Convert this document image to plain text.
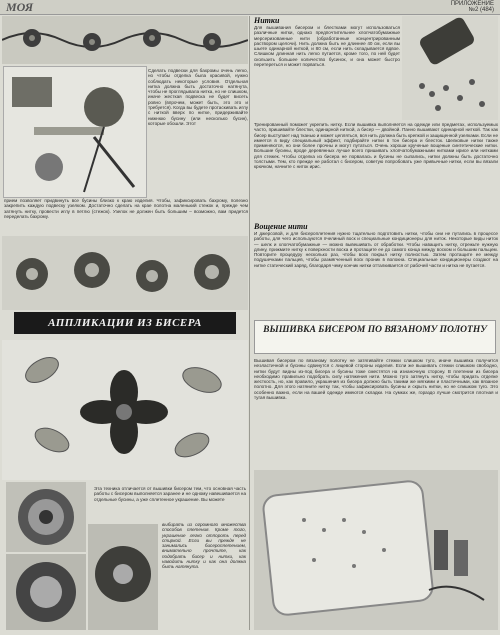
МОЯ	ПРИЛОЖЕНИЕ
№2 (484)

Сделать подвески для бахромы очень легко, но чтобы отделка была красивой, нужно соблюдать некоторые условия. Отдельная нитка должна быть достаточно натянута, чтобы не проглядывала нитка, но не слишком, иначе жесткая подвеска не будет висеть ровно (впрочем, может быть, это это и требуется). Когда вы будете протаскивать иглу с ниткой вверх по нитке, придерживайте нижнюю бусину (или несколько бусин), которые обошли. Этот

прием позволяет придвинуть все бусины близко к краю изделия. Чтобы, зафиксировать бахрому, полезно закрепить каждую подвеску узелком. Достаточно сделать на крае полотна маленький стежок и, прежде чем затянуть нитку, провести иглу в петлю (стежок). Узелок не должен быть большим – возможно, вам придется переделать бахрому.

АППЛИКАЦИИ ИЗ БИСЕРА

Эта техника отличается от вышивки бисером тем, что основная часть работы с бисером выполняется заранее и не одному навешивается на отдельные бусины, а уже сплетенное украшение. Вы можете

выбирать из огромного множества способов плетения. Кроме того, украшение легко отпороть перед стиркой. Если вы прежде не занимались бисероплетением, внимательно прочтите, как подобрать бисер и нитки, как наводить нитку и как она должна быть натянута.

Нитки

Для вышивания бисером и блестками могут использоваться различные нитки, однако предпочтительнее хлопчатобумажные мерсеризованные нити (обработанные концентрированным раствором щелочи). Нить должна быть не длиннее 40 см, если вы шьете одинарной ниткой, и 80 см, если нить складывается вдвое. Слишком длинная нить легко путается, кроме того, по ней будет скользить большее количество бусинок, и она может быстро перетереться и может порваться.

Тренированный поможет укрепить нитку. Если вышивка выполняется на одежде или предметах, используемых часто, пришивайте блестки, одинарной ниткой, а бисер — двойной. Панно вышивают одинарной ниткой. Так как бисер выступает над тканью и может цепляться, вся нить должна быть крепкой и защищенной узелками. Если не имеется в виду специальный эффект, подбирайте нитки в тон бисера и блесток. Шелковые нитки также применяются, но они более прочны и могут путаться. Очень хороши крученые вощеные синтетические нитки. Большие бусины, вроде деревянных лучше всего пришивать хлопчатобумажными нитками ирисе или нитками для стежек. Чтобы отделка из бисера не порвалась и бусины не сыпались, нитки должны быть достаточно толстыми. Тем, кто прежде не работал с бисером, советую попробовать уже привычные нитки, если вы вязали крючком, начните с ниток ирис.

Вощение нити

И джерсовой, и для бисероплетения нужно тщательно подготовить нитки, чтобы они не путались в процессе работы, для чего используются пчелиный воск и специальные кондиционеры для ниток. Некоторые виды ниток — шелк и хлопчатобумажные — можно вывешивать от обработки. Чтобы наващить нитку, отрежьте нужную длину, прижмите нитку к поверхности воска и протащите ее до самого конца между воском и большим пальцем. Повторите процедуру несколько раз, чтобы воск покрыл нитку полностью. Затем протащите ее между подушечками пальцев, чтобы размягченный воск проник в волокна. Специальные кондиционеры создают на нитке статический заряд, благодаря чему кончик нитки отталкивается от рабочей части и нитка не путается.

ВЫШИВКА БИСЕРОМ ПО ВЯЗАНОМУ ПОЛОТНУ

Вышивая бисером по вязаному полотну не затягивайте стежки слишком туго, иначе вышивка получится неэластичной и бусины сдвинутся с лицевой стороны изделия. Если же вышивать стежки слишком свободно, нитки будут видны из-под бисера и бусины тоже сместятся на изнаночную сторону. В плетении из бисера необходимо правильно подобрать силу натяжения нити. Можно туго затянуть нитку, чтобы придать отделке жесткость, но, как правило, украшения из бисера должно быть такими же мягкими и пластичными, как вязаное полотно. Для этого натяните нитку так, чтобы зафиксировать бусины и скрыть нитки, но не слишком туго. Это особенно важно, если на вашей одежде имеются складки. На сумках же, гораздо лучше смотрится плотная и тугая вышивка.
